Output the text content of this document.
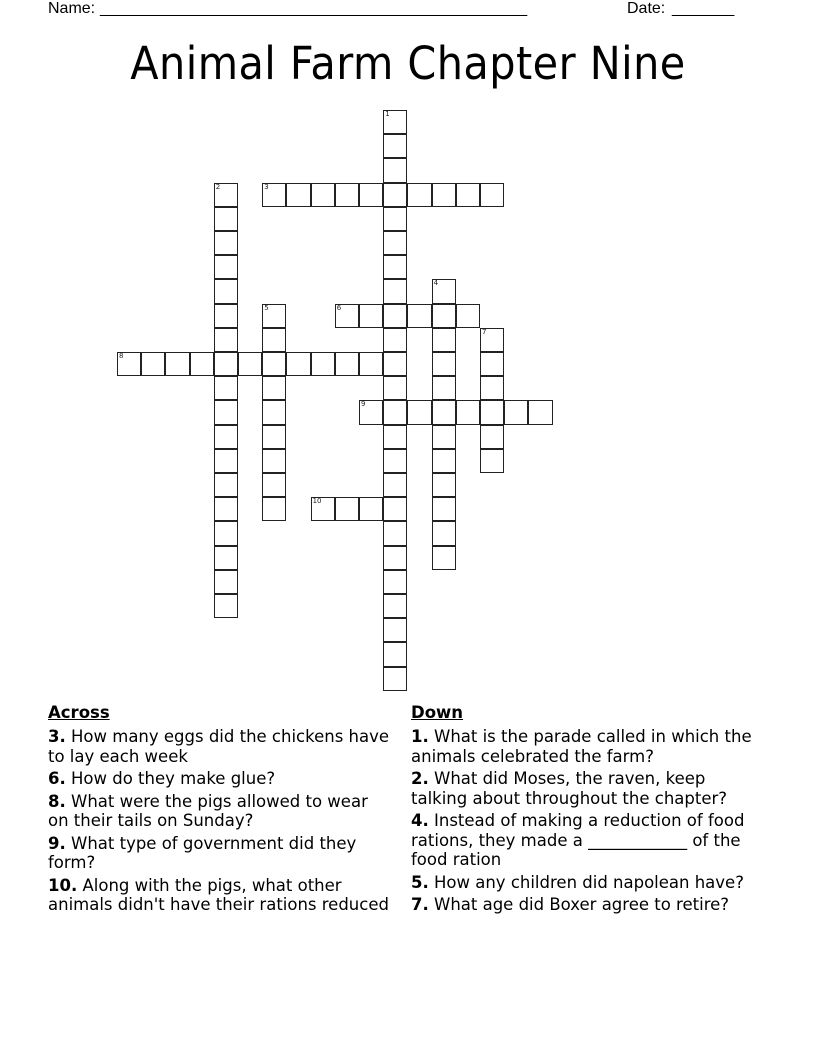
Name: ________________________________________________	Date: _______
Animal Farm Chapter Nine
1
2	3
4
5	6
7
8
9
10
Across
3. How many eggs did the chickens have to lay each week
6. How do they make glue?
8. What were the pigs allowed to wear on their tails on Sunday?
9. What type of government did they form?
10. Along with the pigs, what other animals didn't have their rations reduced
Down
1. What is the parade called in which the animals celebrated the farm?
2. What did Moses, the raven, keep talking about throughout the chapter?
4. Instead of making a reduction of food rations, they made a ____________ of the food ration
5. How any children did napolean have?
7. What age did Boxer agree to retire?
